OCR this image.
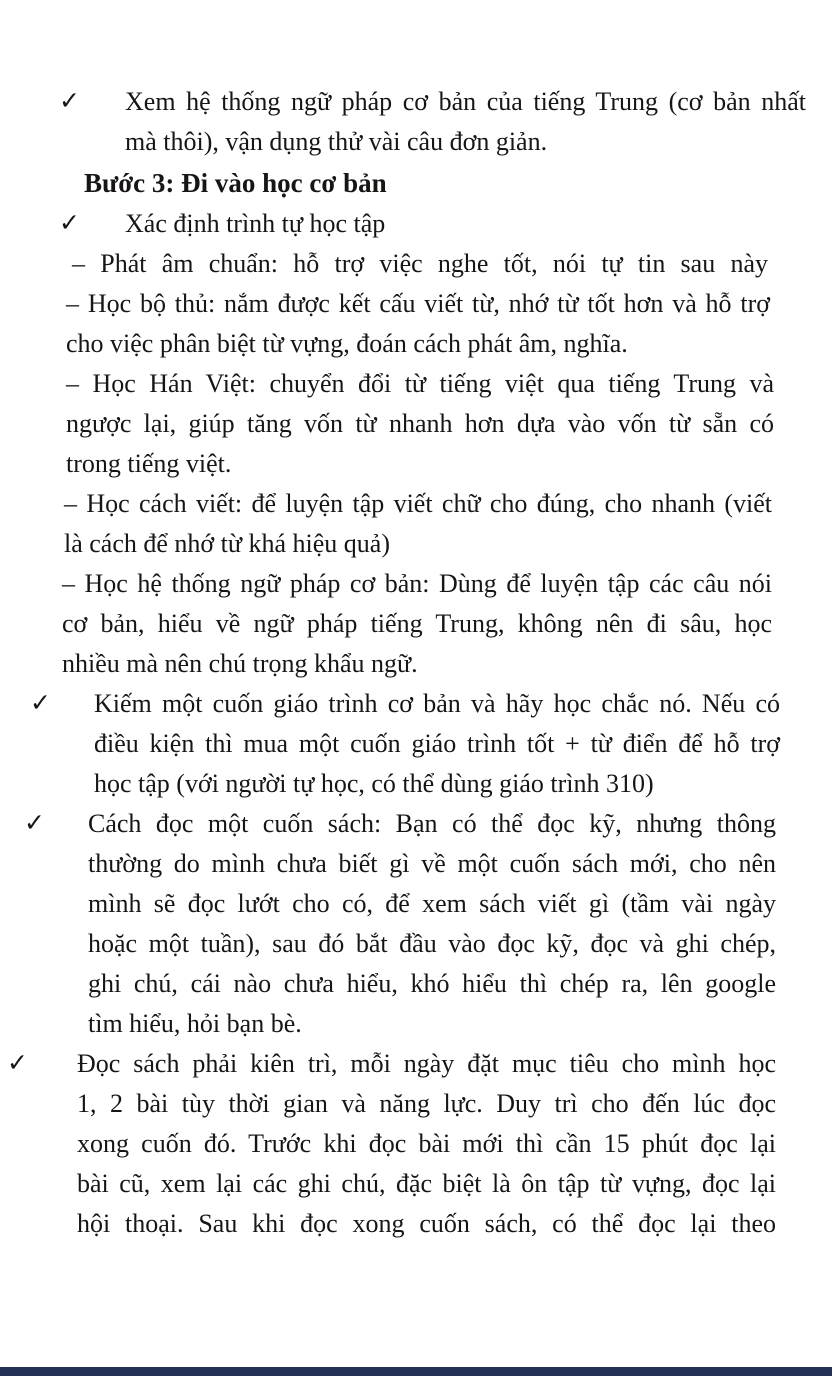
✓ Xem hệ thống ngữ pháp cơ bản của tiếng Trung (cơ bản nhất
mà thôi), vận dụng thử vài câu đơn giản.
Bước 3: Đi vào học cơ bản
✓ Xác định trình tự học tập
– Phát âm chuẩn: hỗ trợ việc nghe tốt, nói tự tin sau này
– Học bộ thủ: nắm được kết cấu viết từ, nhớ từ tốt hơn và hỗ trợ
cho việc phân biệt từ vựng, đoán cách phát âm, nghĩa.
– Học Hán Việt: chuyển đổi từ tiếng việt qua tiếng Trung và
ngược lại, giúp tăng vốn từ nhanh hơn dựa vào vốn từ sẵn có
trong tiếng việt.
– Học cách viết: để luyện tập viết chữ cho đúng, cho nhanh (viết
là cách để nhớ từ khá hiệu quả)
– Học hệ thống ngữ pháp cơ bản: Dùng để luyện tập các câu nói
cơ bản, hiểu về ngữ pháp tiếng Trung, không nên đi sâu, học
nhiều mà nên chú trọng khẩu ngữ.
✓ Kiếm một cuốn giáo trình cơ bản và hãy học chắc nó. Nếu có
điều kiện thì mua một cuốn giáo trình tốt + từ điển để hỗ trợ
học tập (với người tự học, có thể dùng giáo trình 310)
✓ Cách đọc một cuốn sách: Bạn có thể đọc kỹ, nhưng thông
thường do mình chưa biết gì về một cuốn sách mới, cho nên
mình sẽ đọc lướt cho có, để xem sách viết gì (tầm vài ngày
hoặc một tuần), sau đó bắt đầu vào đọc kỹ, đọc và ghi chép,
ghi chú, cái nào chưa hiểu, khó hiểu thì chép ra, lên google
tìm hiểu, hỏi bạn bè.
✓ Đọc sách phải kiên trì, mỗi ngày đặt mục tiêu cho mình học
1, 2 bài tùy thời gian và năng lực. Duy trì cho đến lúc đọc
xong cuốn đó. Trước khi đọc bài mới thì cần 15 phút đọc lại
bài cũ, xem lại các ghi chú, đặc biệt là ôn tập từ vựng, đọc lại
hội thoại. Sau khi đọc xong cuốn sách, có thể đọc lại theo
